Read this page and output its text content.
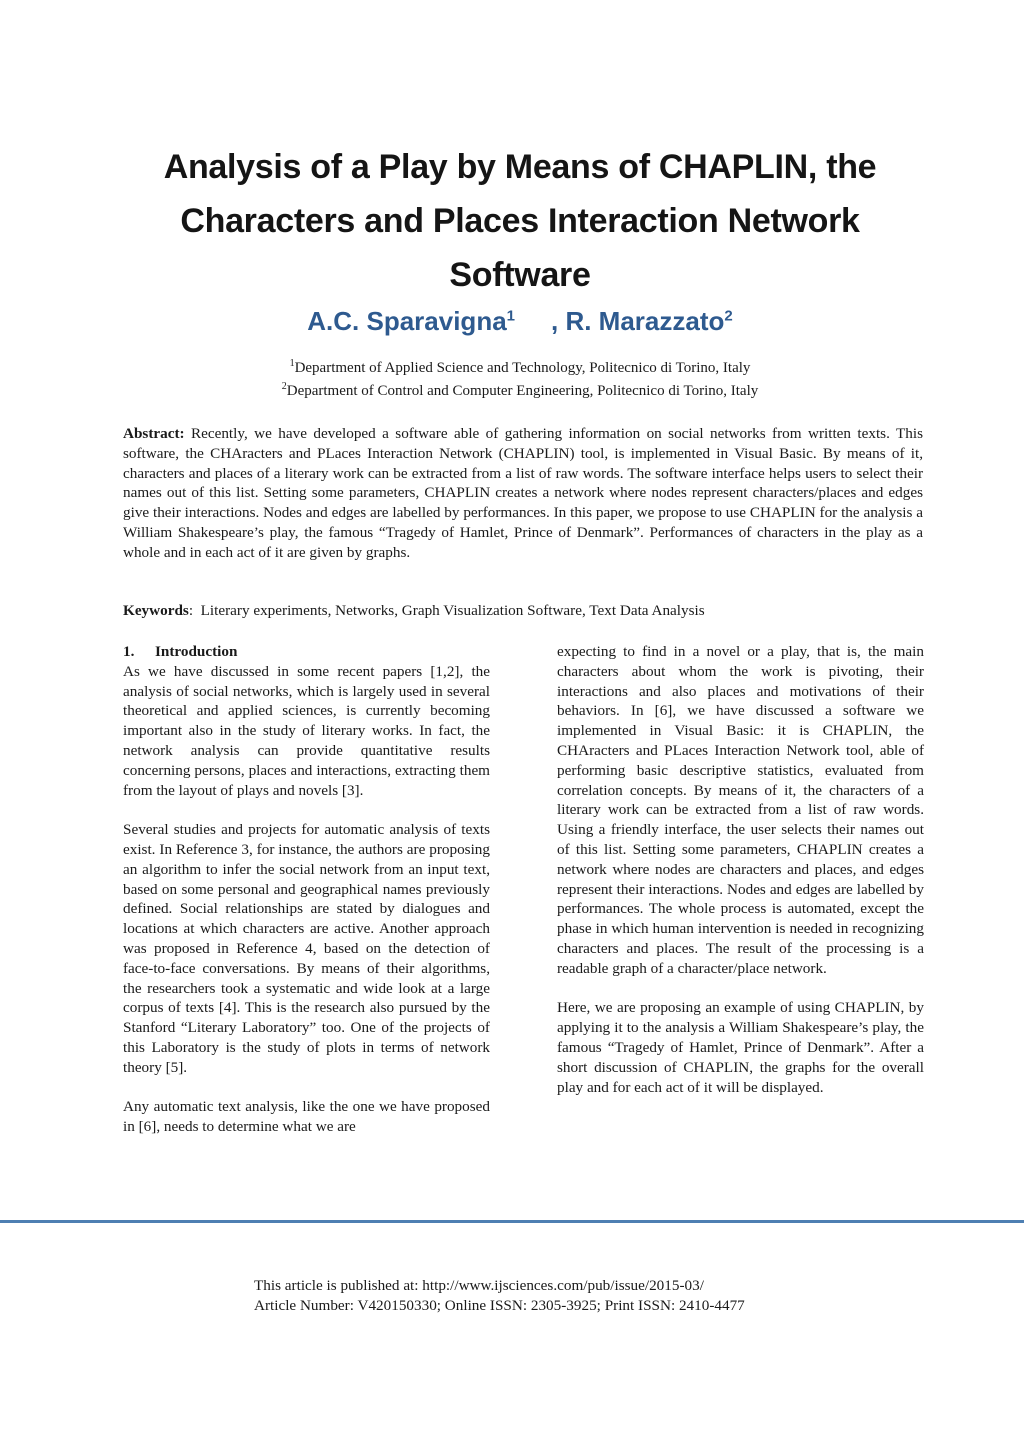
Analysis of a Play by Means of CHAPLIN, the
Characters and Places Interaction Network
Software
A.C. Sparavigna$^1$ , R. Marazzato$^2$
$^1$Department of Applied Science and Technology, Politecnico di Torino, Italy
$^2$Department of Control and Computer Engineering, Politecnico di Torino, Italy
Abstract: Recently, we have developed a software able of gathering information on social networks from written texts. This software, the CHAracters and PLaces Interaction Network (CHAPLIN) tool, is implemented in Visual Basic. By means of it, characters and places of a literary work can be extracted from a list of raw words. The software interface helps users to select their names out of this list. Setting some parameters, CHAPLIN creates a network where nodes represent characters/places and edges give their interactions. Nodes and edges are labelled by performances. In this paper, we propose to use CHAPLIN for the analysis a William Shakespeare’s play, the famous “Tragedy of Hamlet, Prince of Denmark”. Performances of characters in the play as a whole and in each act of it are given by graphs.
Keywords:  Literary experiments, Networks, Graph Visualization Software, Text Data Analysis
1. Introduction

As we have discussed in some recent papers [1,2], the analysis of social networks, which is largely used in several theoretical and applied sciences, is currently becoming important also in the study of literary works. In fact, the network analysis can provide quantitative results concerning persons, places and interactions, extracting them from the layout of plays and novels [3].

Several studies and projects for automatic analysis of texts exist. In Reference 3, for instance, the authors are proposing an algorithm to infer the social network from an input text, based on some personal and geographical names previously defined. Social relationships are stated by dialogues and locations at which characters are active. Another approach was proposed in Reference 4, based on the detection of face-to-face conversations. By means of their algorithms, the researchers took a systematic and wide look at a large corpus of texts [4]. This is the research also pursued by the Stanford “Literary Laboratory” too. One of the projects of this Laboratory is the study of plots in terms of network theory [5].

Any automatic text analysis, like the one we have proposed in [6], needs to determine what we are

expecting to find in a novel or a play, that is, the main characters about whom the work is pivoting, their interactions and also places and motivations of their behaviors. In [6], we have discussed a software we implemented in Visual Basic: it is CHAPLIN, the CHAracters and PLaces Interaction Network tool, able of performing basic descriptive statistics, evaluated from correlation concepts. By means of it, the characters of a literary work can be extracted from a list of raw words. Using a friendly interface, the user selects their names out of this list. Setting some parameters, CHAPLIN creates a network where nodes are characters and places, and edges represent their interactions. Nodes and edges are labelled by performances. The whole process is automated, except the phase in which human intervention is needed in recognizing characters and places. The result of the processing is a readable graph of a character/place network.

Here, we are proposing an example of using CHAPLIN, by applying it to the analysis a William Shakespeare’s play, the famous “Tragedy of Hamlet, Prince of Denmark”. After a short discussion of CHAPLIN, the graphs for the overall play and for each act of it will be displayed.

This article is published at: http://www.ijsciences.com/pub/issue/2015-03/
Article Number: V420150330; Online ISSN: 2305-3925; Print ISSN: 2410-4477
